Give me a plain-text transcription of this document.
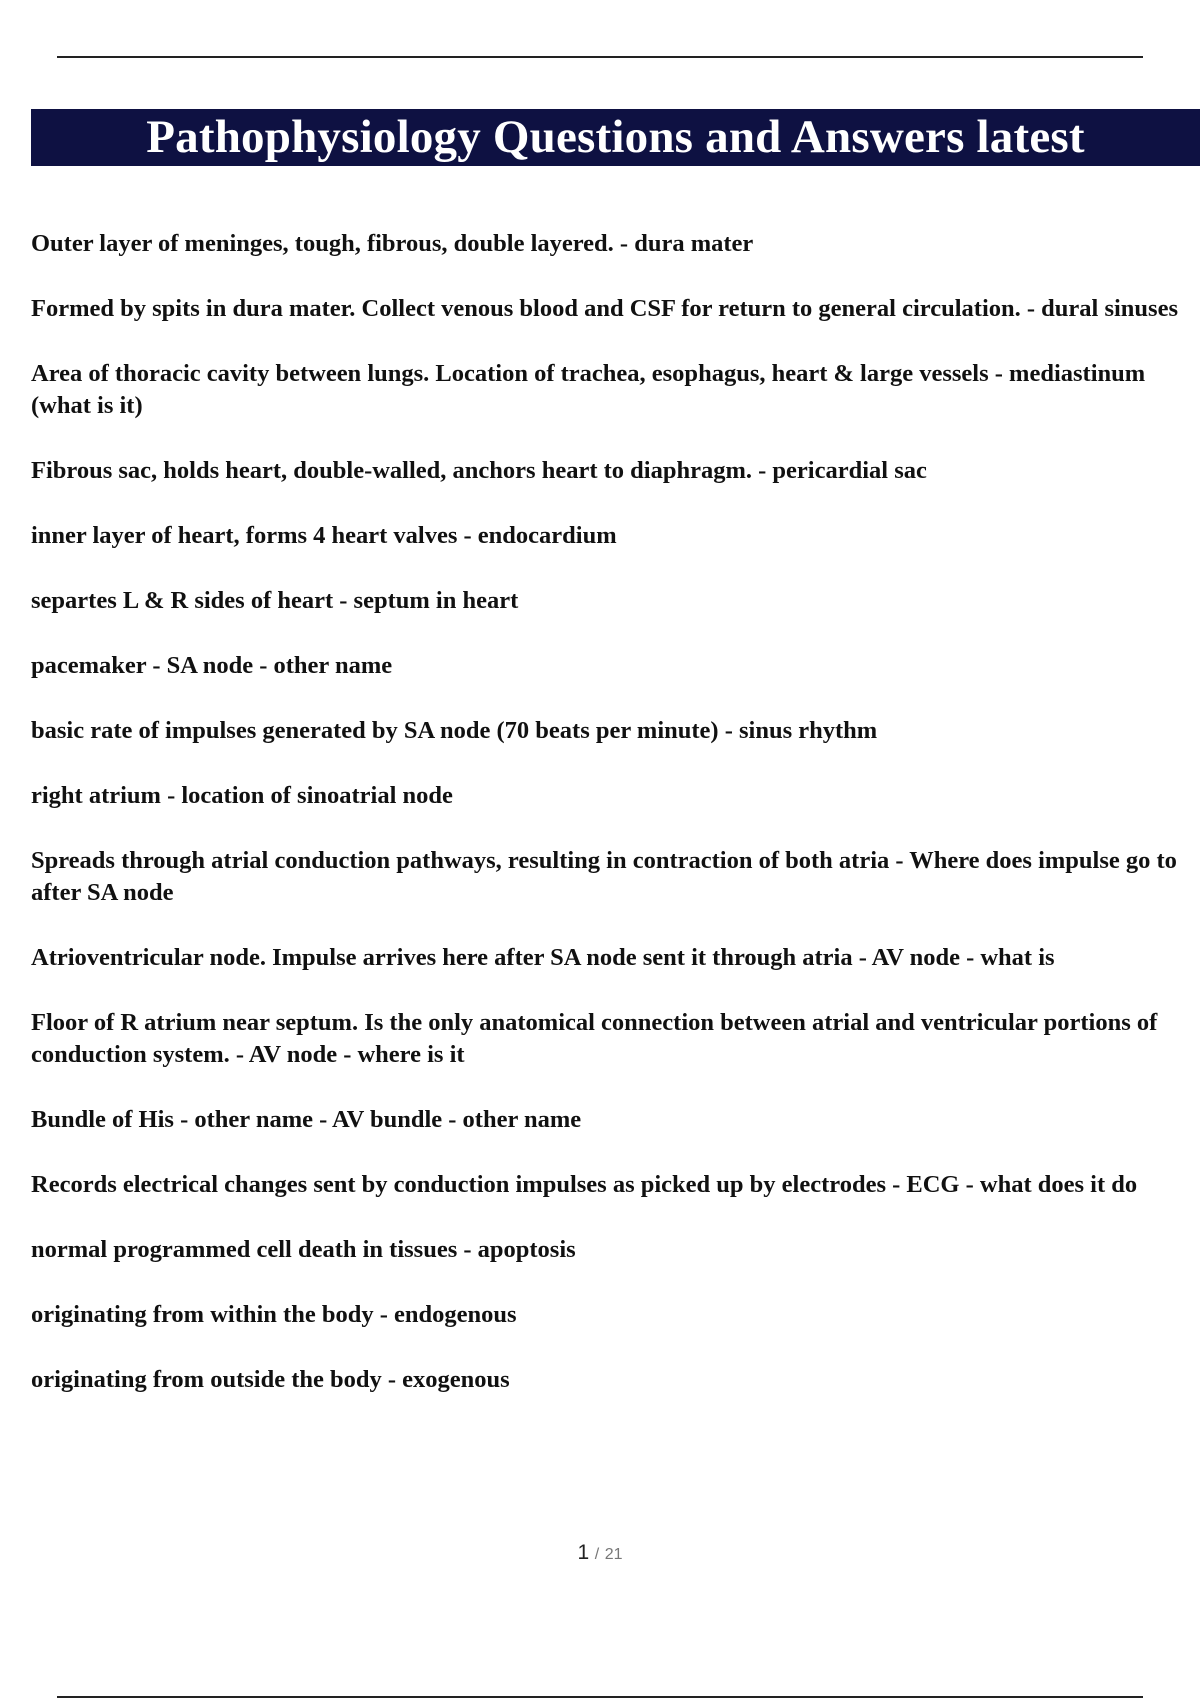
Pathophysiology Questions and Answers latest
Outer layer of meninges, tough, fibrous, double layered. - dura mater
Formed by spits in dura mater. Collect venous blood and CSF for return to general circulation. - dural sinuses
Area of thoracic cavity between lungs. Location of trachea, esophagus, heart & large vessels - mediastinum (what is it)
Fibrous sac, holds heart, double-walled, anchors heart to diaphragm. - pericardial sac
inner layer of heart, forms 4 heart valves - endocardium
separtes L & R sides of heart - septum in heart
pacemaker - SA node - other name
basic rate of impulses generated by SA node (70 beats per minute) - sinus rhythm
right atrium - location of sinoatrial node
Spreads through atrial conduction pathways, resulting in contraction of both atria - Where does impulse go to after SA node
Atrioventricular node. Impulse arrives here after SA node sent it through atria - AV node - what is
Floor of R atrium near septum. Is the only anatomical connection between atrial and ventricular portions of conduction system. - AV node - where is it
Bundle of His - other name - AV bundle - other name
Records electrical changes sent by conduction impulses as picked up by electrodes - ECG - what does it do
normal programmed cell death in tissues - apoptosis
originating from within the body - endogenous
originating from outside the body - exogenous
1 / 21
